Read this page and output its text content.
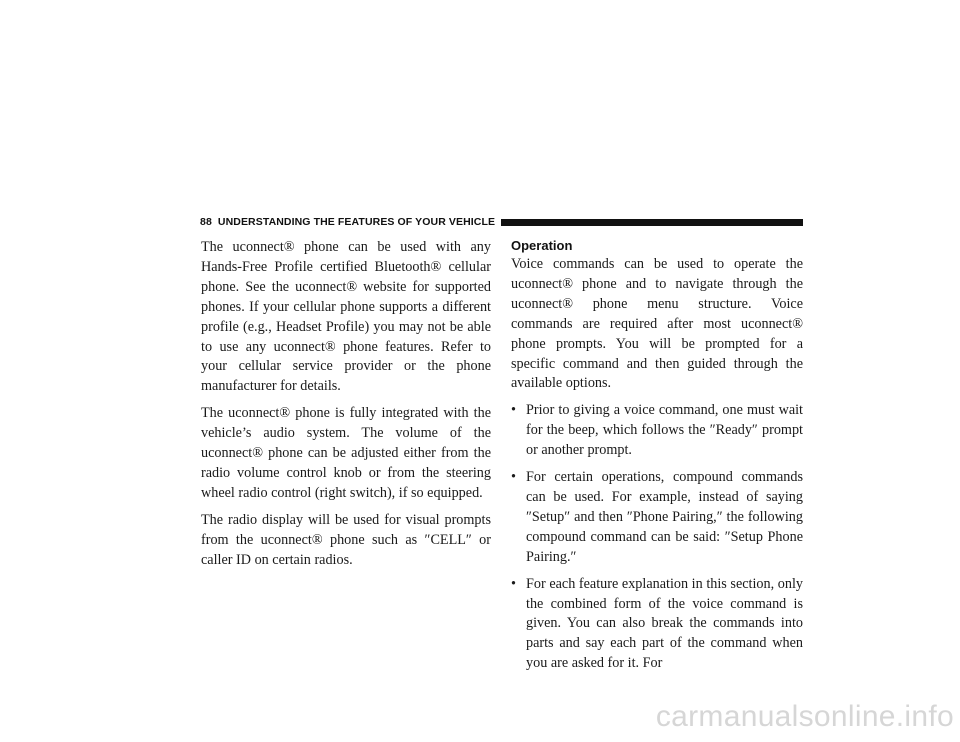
88 UNDERSTANDING THE FEATURES OF YOUR VEHICLE

The uconnect® phone can be used with any Hands-Free Profile certified Bluetooth® cellular phone. See the uconnect® website for supported phones. If your cellular phone supports a different profile (e.g., Headset Profile) you may not be able to use any uconnect® phone features. Refer to your cellular service provider or the phone manufacturer for details.

The uconnect® phone is fully integrated with the vehicle’s audio system. The volume of the uconnect® phone can be adjusted either from the radio volume control knob or from the steering wheel radio control (right switch), if so equipped.

The radio display will be used for visual prompts from the uconnect® phone such as ″CELL″ or caller ID on certain radios.

Operation

Voice commands can be used to operate the uconnect® phone and to navigate through the uconnect® phone menu structure. Voice commands are required after most uconnect® phone prompts. You will be prompted for a specific command and then guided through the available options.

• Prior to giving a voice command, one must wait for the beep, which follows the ″Ready″ prompt or another prompt.
• For certain operations, compound commands can be used. For example, instead of saying ″Setup″ and then ″Phone Pairing,″ the following compound command can be said: ″Setup Phone Pairing.″
• For each feature explanation in this section, only the combined form of the voice command is given. You can also break the commands into parts and say each part of the command when you are asked for it. For
carmanualsonline.info
